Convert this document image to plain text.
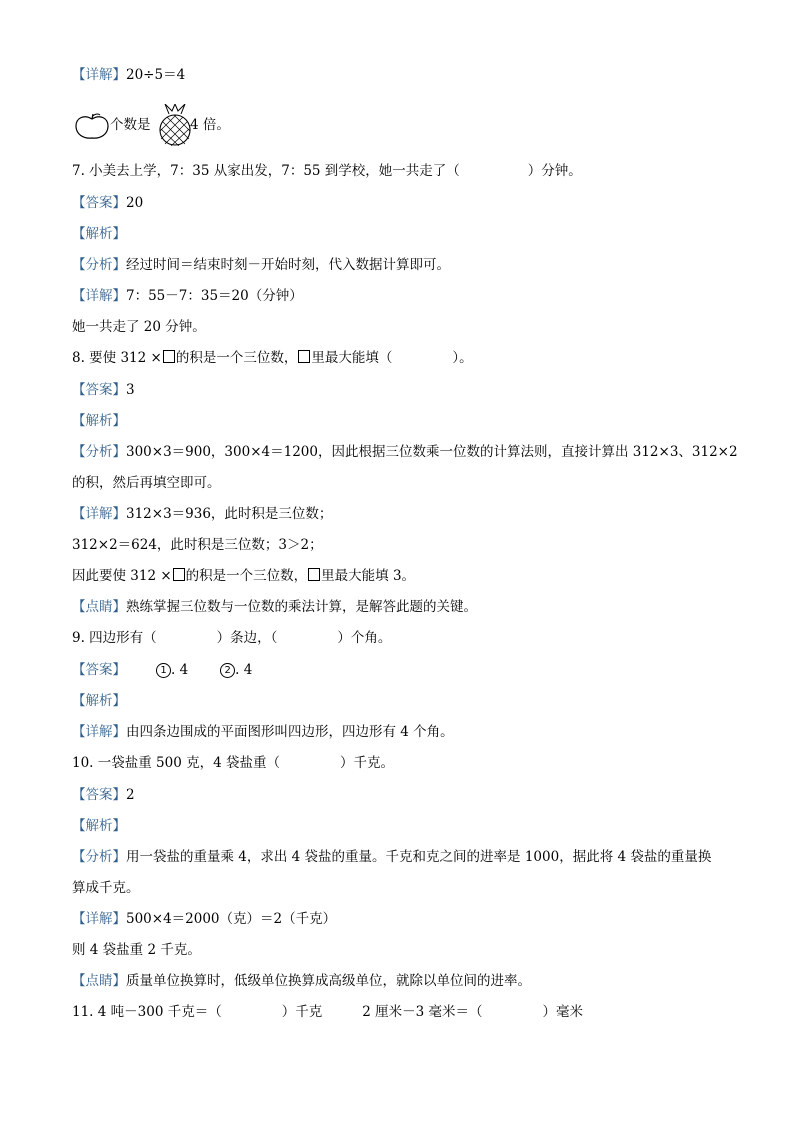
【详解】20÷5＝4
个数是	4 倍。
7. 小美去上学，7：35 从家出发，7：55 到学校，她一共走了（	）分钟。
【答案】20
【解析】
【分析】经过时间＝结束时刻－开始时刻，代入数据计算即可。
【详解】7：55－7：35＝20（分钟）
她一共走了 20 分钟。
8. 要使 312 × 的积是一个三位数， 里最大能填（	）。
【答案】3
【解析】
【分析】300×3＝900，300×4＝1200，因此根据三位数乘一位数的计算法则，直接计算出 312×3、312×2
的积，然后再填空即可。
【详解】312×3＝936，此时积是三位数；
312×2＝624，此时积是三位数；3＞2；
因此要使 312 × 的积是一个三位数， 里最大能填 3。
【点睛】熟练掌握三位数与一位数的乘法计算，是解答此题的关键。
9. 四边形有（	）条边，（	）个角。
【答案】	1 . 4	2 . 4
【解析】
【详解】由四条边围成的平面图形叫四边形，四边形有 4 个角。
10. 一袋盐重 500 克，4 袋盐重（	）千克。
【答案】2
【解析】
【分析】用一袋盐的重量乘 4，求出 4 袋盐的重量。千克和克之间的进率是 1000，据此将 4 袋盐的重量换
算成千克。
【详解】500×4＝2000（克）＝2（千克）
则 4 袋盐重 2 千克。
【点睛】质量单位换算时，低级单位换算成高级单位，就除以单位间的进率。
11. 4 吨－300 千克＝（	）千克	2 厘米－3 毫米＝（	）毫米
